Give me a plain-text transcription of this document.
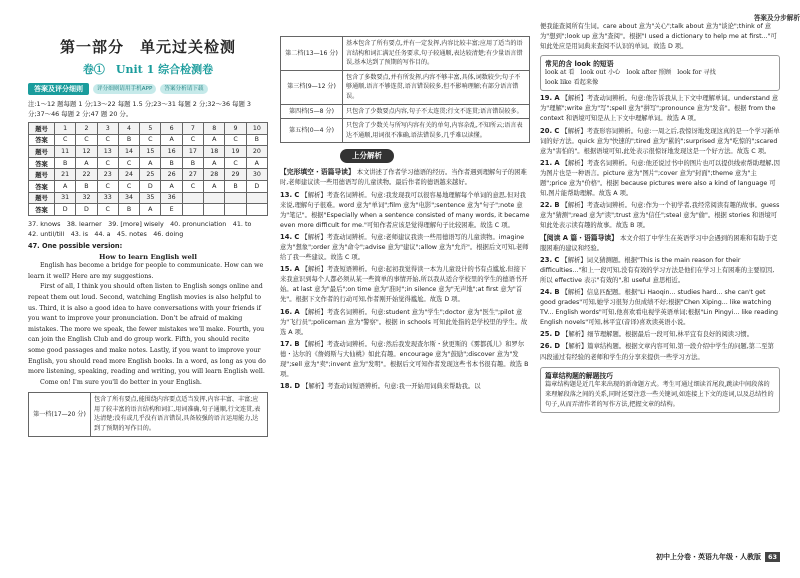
答案及分步解析
第一部分　单元过关检测
卷①　Unit 1 综合检测卷
答案及评分细则	评分细则请用手机APP	答案分析请下载
注:1～12 题每题 1 分;13～22 每题 1.5 分;23～31 每题 2 分;32～36 每题 3 分;37～46 每题 2 分;47 题 20 分。
题号	1	2	3	4	5	6	7	8	9	10
答案	C	C	C	B	C	A	C	A	C	B
题号	11	12	13	14	15	16	17	18	19	20
答案	B	A	C	C	A	B	B	A	C	A
题号	21	22	23	24	25	26	27	28	29	30
答案	A	B	C	C	D	A	C	A	B	D
题号	31	32	33	34	35	36				
答案	D	D	C	B	A	E				
37. knows　38. learner　39. [more] wisely　40. pronunciation　41. to
42. until/till　43. is　44. a　45. notes　46. doing
47. One possible version:
How to learn English well

English has become a bridge for people to communicate. How can we learn it well? Here are my suggestions.

First of all, I think you should often listen to English songs online and repeat them out loud. Second, watching English movies is also helpful to us. Third, it is also a good idea to have conversations with your friends if you want to improve your pronunciation. Don't be afraid of making mistakes. The more we speak, the fewer mistakes we'll make. Fourth, you can join the English Club and do group work. Fifth, you should recite some good passages and make notes. Lastly, if you want to improve your English, you should read more English books. In a word, as long as you do more listening, speaking, reading and writing, you will learn English well.

Come on! I'm sure you'll do better in your English.

第一档(17—20 分)	包含了所有要点,能围绕内容要点适当发挥,内容丰富、丰富;应用了较丰富的语言结构和词汇,用词准确,句子通顺,行文连贯,表达清楚;没有或几乎没有语言错误,具备较强的语言运用能力,达到了预期的写作目的。
第二档(13—16 分)	基本包含了所有要点,并有一定发挥,内容比较丰富;应用了适当的语言结构和词汇满足任务要求,句子较通顺,表达较清楚;有少量语言错误,基本达到了预期的写作目的。
第三档(9—12 分)	包含了多数要点,并有所发挥,内容不够丰富,具体,词数较少;句子不够通顺,语言不够连贯,语言错误较多,但不影响理解;有部分语言错误。
第四档(5—8 分)	只包含了少数要点内容,句子不太连贯;行文不连贯;语言错误较多。
第五档(0—4 分)	只包含了少数关与所写内容有关的单句,内容杂乱,不知所云;语言表达不通顺,用词很不准确,语法错误多,几乎难以读懂。
上分解析
【完形填空・语篇导读】 本文讲述了作者学习德语的经历。当作者遇到理解句子的困难时,老师建议读一些用德语写的儿童读物。最后作者的德语越来越好。
13. C 【解析】考查名词辨析。句意:我发现我可以很容易地理解每个单词的意思,但对我来说,理解句子很难。word 意为"单词";film 意为"电影";sentence 意为"句子";note 意为"笔记"。根据"Especially when a sentence consisted of many words, it became even more difficult for me."可知作者应该是觉得理解句子比较困难。故选 C 项。
14. C 【解析】考查动词辨析。句意:老师建议我读一些用德语写的儿童读物。imagine 意为"想象";order 意为"命令";advise 意为"建议";allow 意为"允许"。根据后文可知,老师给了我一些建议。故选 C 项。
15. A 【解析】考查短语辨析。句意:起初我觉得读一本为儿童设计的书有点尴尬,但接下来我意识到每个人都必须从某一些简单的事情开始,所以我从适合学校里的学生的德语书开始。at last 意为"最后";on time 意为"准时";in silence 意为"无声地";at first 意为"首先"。根据下文作者的行动可知,作者刚开始觉得尴尬。故选 D 项。
16. A 【解析】考查名词辨析。句意:student 意为"学生";doctor 意为"医生";pilot 意为"飞行员";policeman 意为"警察"。根据 in schools 可知此处指的是学校里的学生。故选 A 项。
17. B 【解析】考查动词辨析。句意:然后我发现查尔斯・狄更斯的《雾都孤儿》和罗尔德・达尔的《詹姆斯与大仙桃》如此有趣。encourage 意为"鼓励";discover 意为"发现";sell 意为"卖";invent 意为"发明"。根据后文可知作者发现这些书本书很有趣。故选 B 项。
18. D 【解析】考查动词短语辨析。句意:我一开始用词典来帮助我。以
便我能查阅所有生词。care about 意为"关心";talk about 意为"谈论";think of 意为"想到";look up 意为"查阅"。根据"I used a dictionary to help me at first..."可知此处应是用词典来查阅不认识的单词。故选 D 项。
常见的含 look 的短语
look at 看　look out 小心　look after 照顾　look for 寻找
look like 看起来像
19. A 【解析】考查动词辨析。句意:他告诉我从上下文中理解单词。understand 意为"理解";write 意为"写";spell 意为"拼写";pronounce 意为"发音"。根据 from the context 和语境可知是从上下文中理解单词。故选 A 项。
20. C 【解析】考查形容词辨析。句意:一周之后,我惊讶地发现这真的是一个学习新单词的好方法。quick 意为"快速的";tired 意为"累的";surprised 意为"吃惊的";scared 意为"害怕的"。根据语境可知,此处表示很惊讶地发现这是一个好方法。故选 C 项。
21. A 【解析】考查名词辨析。句意:他还说过书中的图片也可以提供线索帮助理解,因为图片也是一种语言。picture 意为"图片";cover 意为"封面";theme 意为"主题";price 意为"价格"。根据 because pictures were also a kind of language 可知,图片能帮助理解。故选 A 项。
22. B 【解析】考查动词辨析。句意:作为一个初学者,我经常阅读有趣的故事。guess 意为"猜测";read 意为"读";trust 意为"信任";steal 意为"偷"。根据 stories 和语境可知此处表示读有趣的故事。故选 B 项。
【阅读 A 篇・语篇导读】 本文介绍了中学生在英语学习中会遇到的困难和有助于克服困难的建议和经验。
23. C 【解析】词义猜测题。根据"This is the main reason for their difficulties..."和上一段可知,没有有效的学习方法是他们在学习上有困难的主要原因,所以 effective 表示"有效的",和 useful 意思相近。
24. B 【解析】信息匹配题。根据"Li Haoqin... studies hard... she can't get good grades"可知,她学习很努力但成绩不好;根据"Chen Xiping... like watching TV... English words"可知,他喜欢看电视学英语单词;根据"Lin Pingyi... like reading English novels"可知,林平宜(音译)喜欢读英语小说。
25. D 【解析】细节理解题。根据最后一段可知,林平宜有良好的阅读习惯。
26. D 【解析】篇章结构题。根据文章内容可知,第一段介绍中学生的问题,第二至第四段通过有经验的老师和学生的分享来提供一些学习方法。
篇章结构题的解题技巧
篇章结构题是近几年来出现的新命题方式。考生可通过细读首尾段,跳读中间段落的来理解段落之间的关系,同时还要注意一些关键词,如连接上下文的连词,以及总结性的句子,从而弄清作者的写作方法,把握文章的结构。
初中上分卷・英语九年级・人教版	63
